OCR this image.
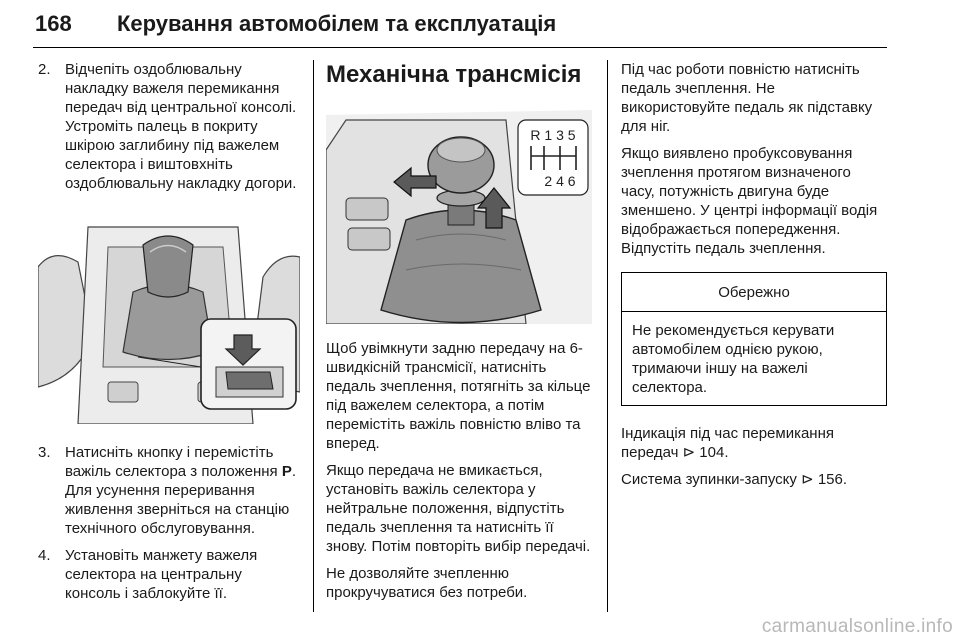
168 Керування автомобілем та експлуатація
2. Відчепіть оздоблювальну накладку важеля перемикання передач від центральної консолі. Устроміть палець в покриту шкірою заглибину під важелем селектора і виштовхніть оздоблювальну накладку догори.
3. Натисніть кнопку і перемістіть важіль селектора з положення P. Для усунення переривання живлення зверніться на станцію технічного обслуговування.
4. Установіть манжету важеля селектора на центральну консоль і заблокуйте її.
Механічна трансмісія
R 1 3 5
2 4 6
Щоб увімкнути задню передачу на 6-швидкісній трансмісії, натисніть педаль зчеплення, потягніть за кільце під важелем селектора, а потім перемістіть важіль повністю вліво та вперед.
Якщо передача не вмикається, установіть важіль селектора у нейтральне положення, відпустіть педаль зчеплення та натисніть її знову. Потім повторіть вибір передачі.
Не дозволяйте зчепленню прокручуватися без потреби.
Під час роботи повністю натисніть педаль зчеплення. Не використовуйте педаль як підставку для ніг.
Якщо виявлено пробуксовування зчеплення протягом визначеного часу, потужність двигуна буде зменшено. У центрі інформації водія відображається попередження. Відпустіть педаль зчеплення.
Обережно
Не рекомендується керувати автомобілем однією рукою, тримаючи іншу на важелі селектора.
Індикація під час перемикання передач ⊳ 104.
Система зупинки-запуску ⊳ 156.
carmanualsonline.info
